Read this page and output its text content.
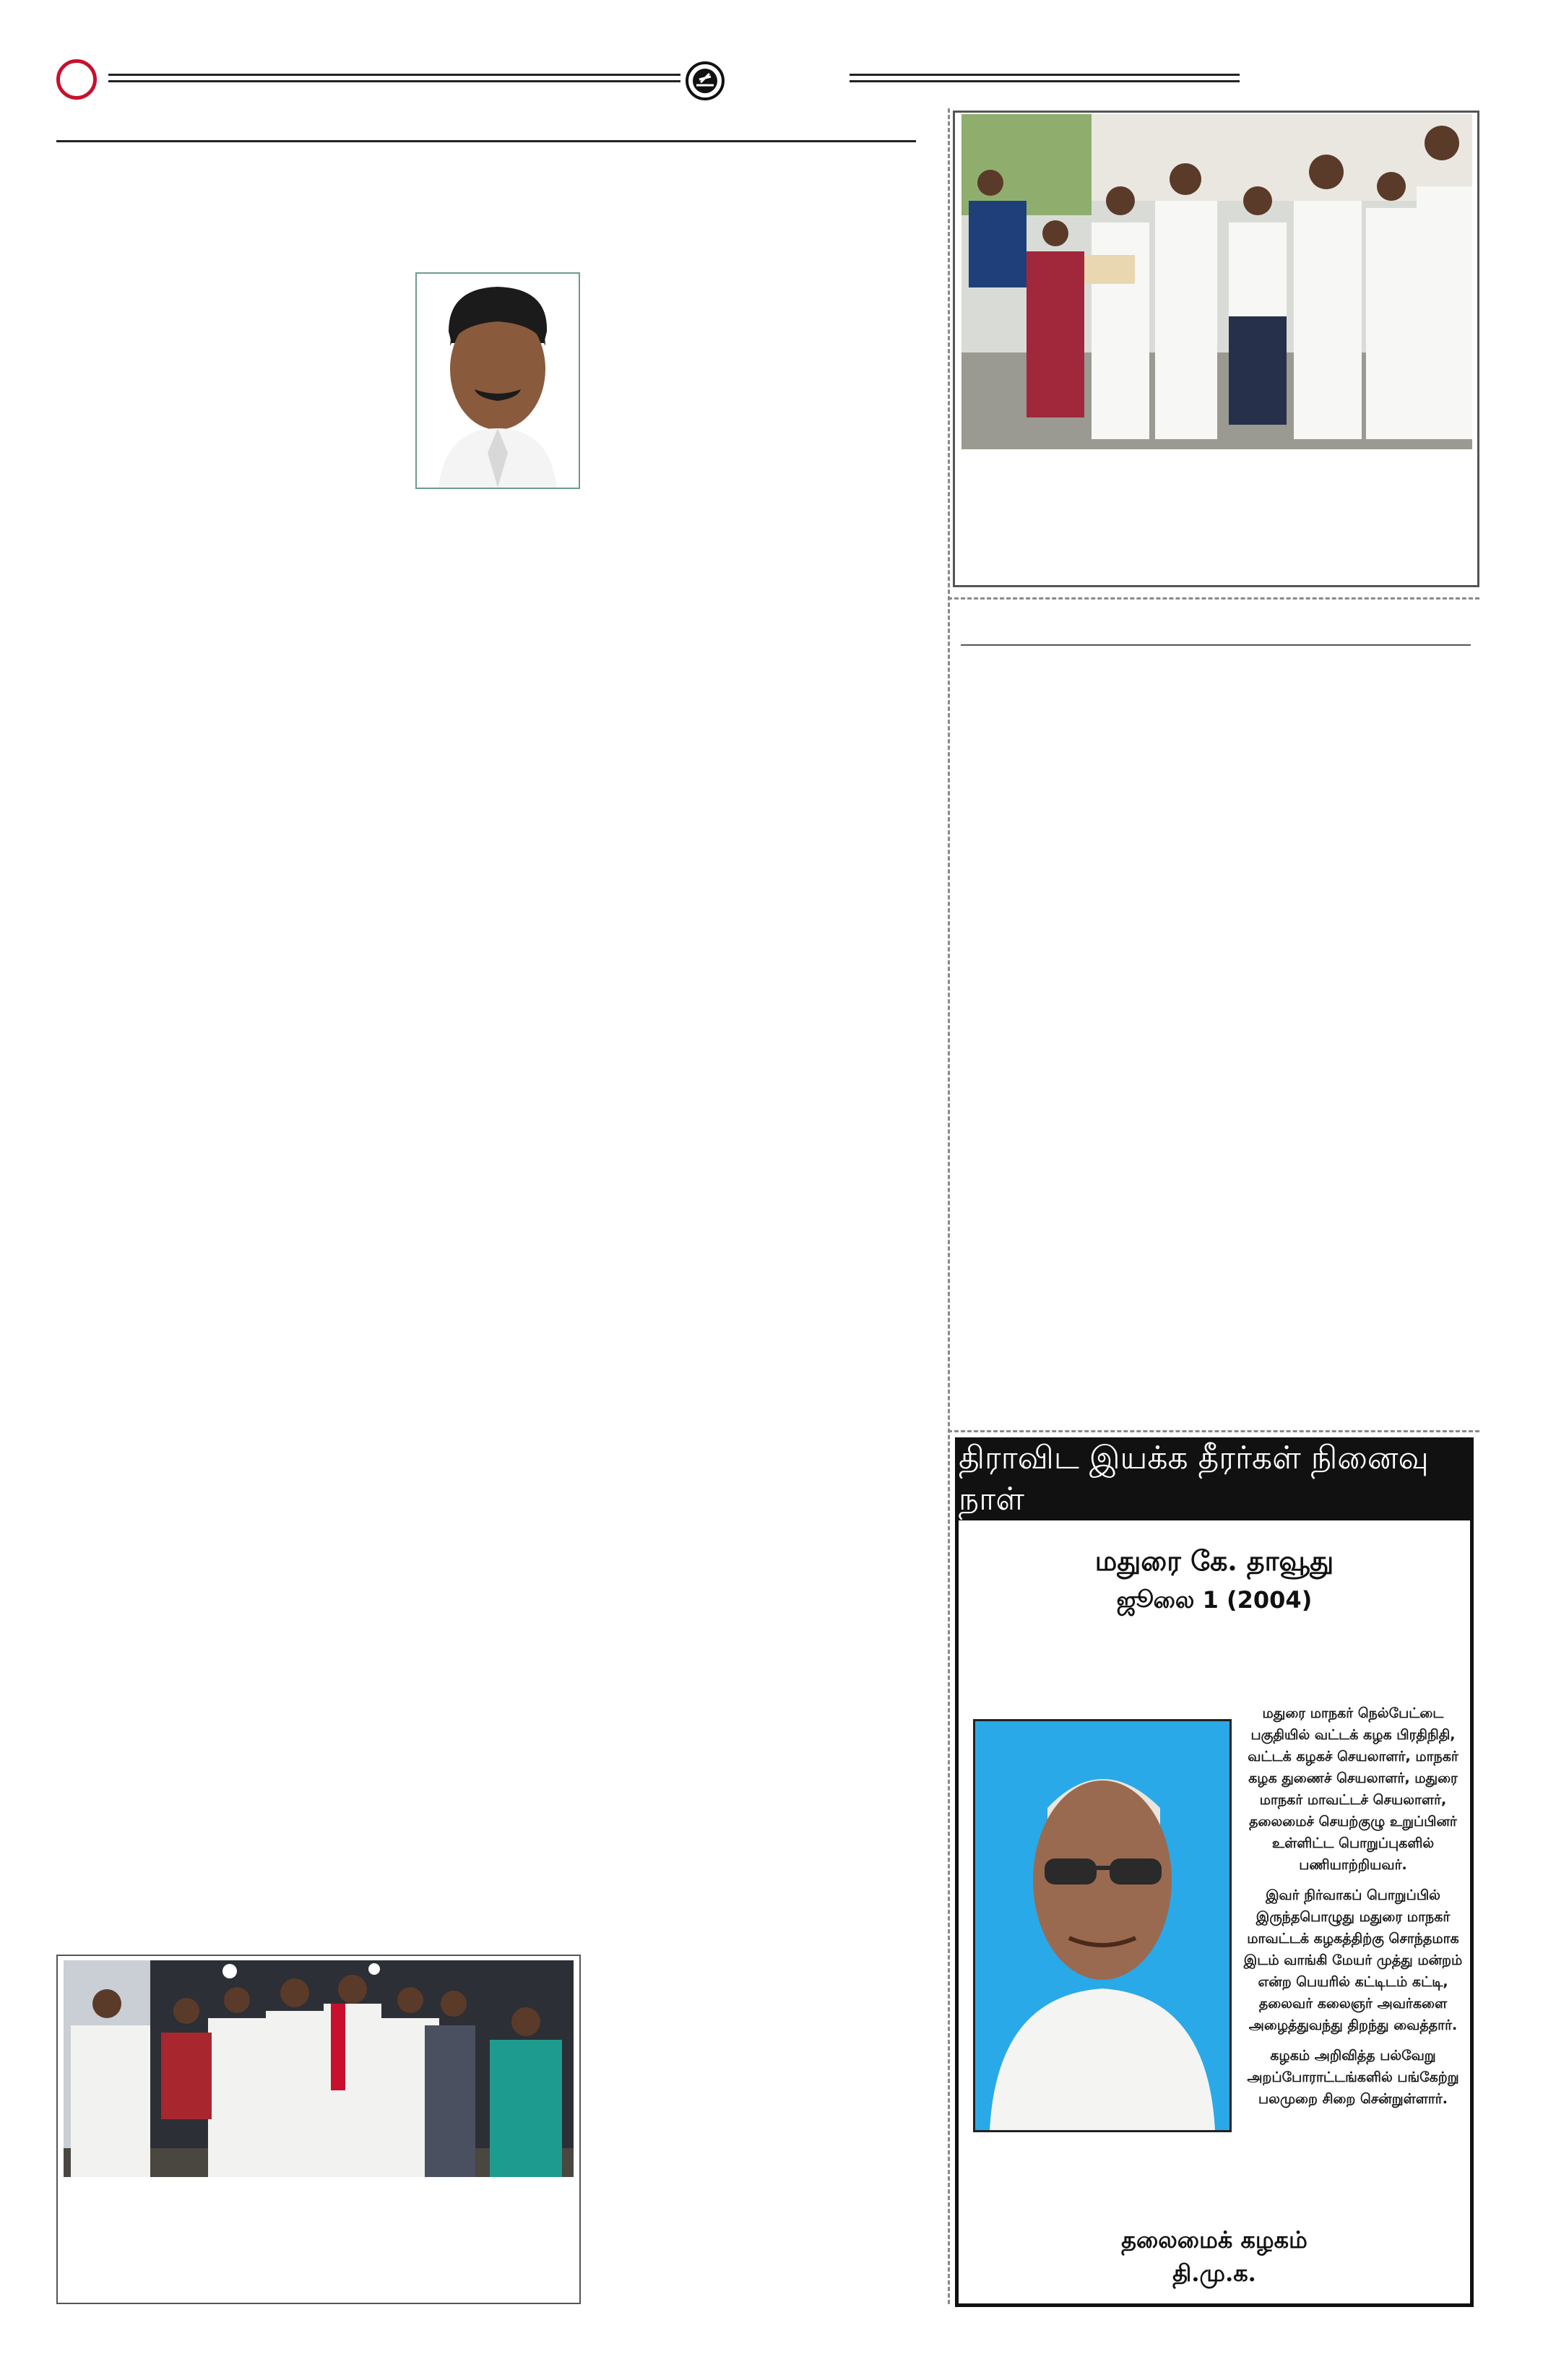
திராவிட இயக்க தீரர்கள் நினைவு நாள்
மதுரை கே. தாவூது
ஜூலை 1 (2004)

மதுரை மாநகர் நெல்பேட்டை பகுதியில் வட்டக் கழக பிரதிநிதி, வட்டக் கழகச் செயலாளர், மாநகர் கழக துணைச் செயலாளர், மதுரை மாநகர் மாவட்டச் செயலாளர், தலைமைச் செயற்குழு உறுப்பினர் உள்ளிட்ட பொறுப்புகளில் பணியாற்றியவர்.

இவர் நிர்வாகப் பொறுப்பில் இருந்தபொழுது மதுரை மாநகர் மாவட்டக் கழகத்திற்கு சொந்தமாக இடம் வாங்கி மேயர் முத்து மன்றம் என்ற பெயரில் கட்டிடம் கட்டி, தலைவர் கலைஞர் அவர்களை அழைத்துவந்து திறந்து வைத்தார்.

கழகம் அறிவித்த பல்வேறு அறப்போராட்டங்களில் பங்கேற்று பலமுறை சிறை சென்றுள்ளார்.

தலைமைக் கழகம்
தி.மு.க.
